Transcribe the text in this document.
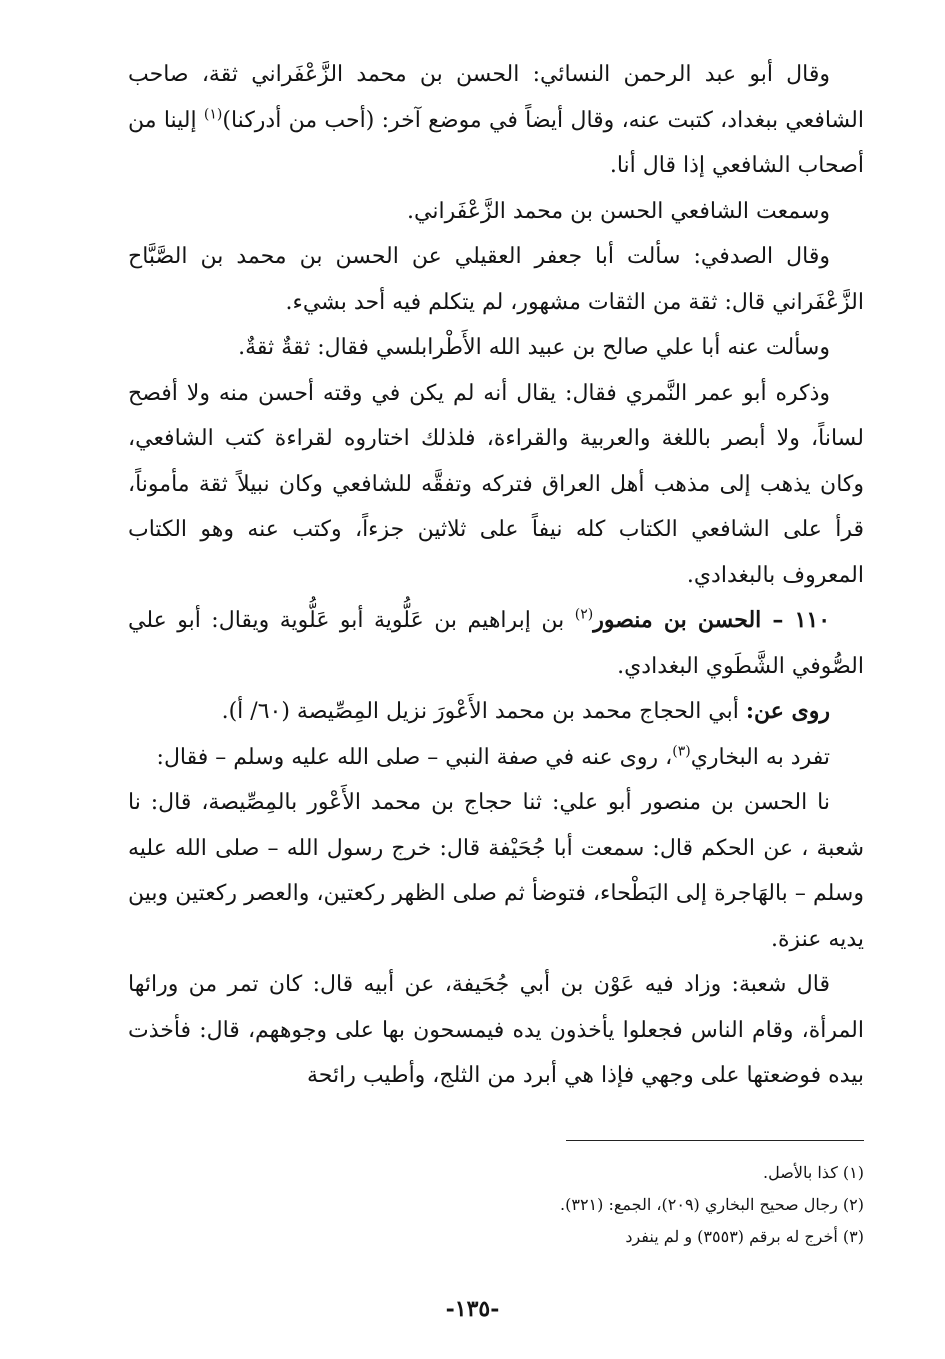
وقال أبو عبد الرحمن النسائي: الحسن بن محمد الزَّعْفَراني ثقة، صاحب الشافعي ببغداد، كتبت عنه، وقال أيضاً في موضع آخر: (أحب من أدركنا)$^{(١)}$ إلينا من أصحاب الشافعي إذا قال أنا.

وسمعت الشافعي الحسن بن محمد الزَّعْفَراني.

وقال الصدفي: سألت أبا جعفر العقيلي عن الحسن بن محمد بن الصَّبَّاح الزَّعْفَراني قال: ثقة من الثقات مشهور، لم يتكلم فيه أحد بشيء.

وسألت عنه أبا علي صالح بن عبيد الله الأَطْرابلسي فقال: ثقةٌ ثقةٌ.

وذكره أبو عمر النَّمري فقال: يقال أنه لم يكن في وقته أحسن منه ولا أفصح لساناً، ولا أبصر باللغة والعربية والقراءة، فلذلك اختاروه لقراءة كتب الشافعي، وكان يذهب إلى مذهب أهل العراق فتركه وتفقَّه للشافعي وكان نبيلاً ثقة مأموناً، قرأ على الشافعي الكتاب كله نيفاً على ثلاثين جزءاً، وكتب عنه وهو الكتاب المعروف بالبغدادي.

١١٠ – الحسن بن منصور$^{(٢)}$ بن إبراهيم بن عَلُّوية أبو عَلُّوية ويقال: أبو علي الصُّوفي الشَّطَوي البغدادي.

روى عن: أبي الحجاج محمد بن محمد الأَعْورَ نزيل المِصِّيصة (٦٠/ أ).

تفرد به البخاري$^{(٣)}$، روى عنه في صفة النبي – صلى الله عليه وسلم – فقال:

نا الحسن بن منصور أبو علي: ثنا حجاج بن محمد الأَعْور بالمِصِّيصة، قال: نا شعبة ، عن الحكم قال: سمعت أبا جُحَيْفة قال: خرج رسول الله – صلى الله عليه وسلم – بالهَاجرة إلى البَطْحاء، فتوضأ ثم صلى الظهر ركعتين، والعصر ركعتين وبين يديه عنزة.

قال شعبة: وزاد فيه عَوْن بن أبي جُحَيفة، عن أبيه قال: كان تمر من ورائها المرأة، وقام الناس فجعلوا يأخذون يده فيمسحون بها على وجوههم، قال: فأخذت بيده فوضعتها على وجهي فإذا هي أبرد من الثلج، وأطيب رائحة

(١) كذا بالأصل.
(٢) رجال صحيح البخاري (٢٠٩)، الجمع: (٣٢١).
(٣) أخرج له برقم (٣٥٥٣) و لم ينفرد
-١٣٥-
